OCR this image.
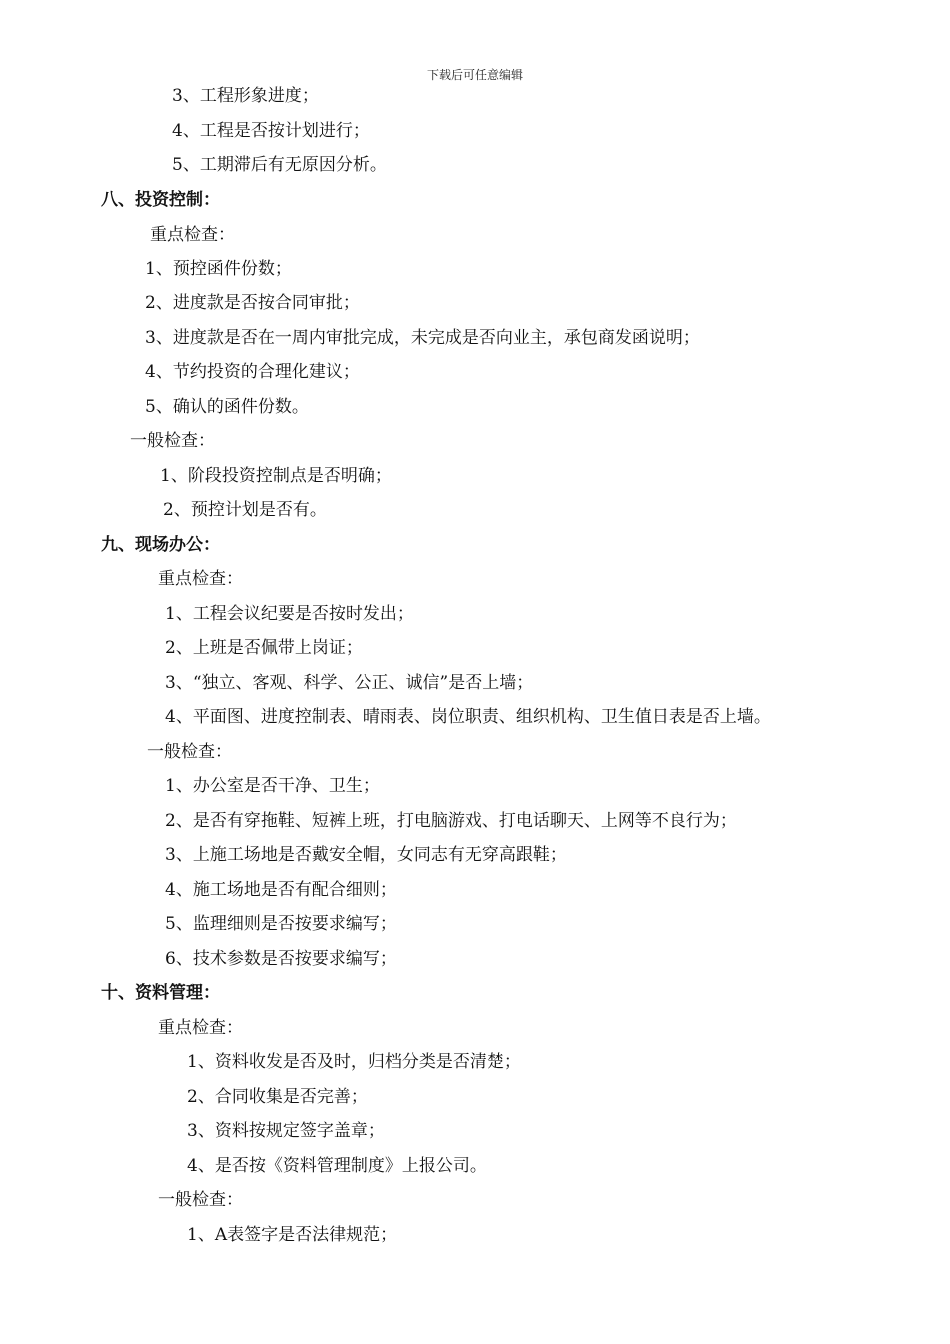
下载后可任意编辑
3、工程形象进度；
4、工程是否按计划进行；
5、工期滞后有无原因分析。
八、投资控制：
重点检查：
1、预控函件份数；
2、进度款是否按合同审批；
3、进度款是否在一周内审批完成，未完成是否向业主，承包商发函说明；
4、节约投资的合理化建议；
5、确认的函件份数。
一般检查：
1、阶段投资控制点是否明确；
2、预控计划是否有。
九、现场办公：
重点检查：
1、工程会议纪要是否按时发出；
2、上班是否佩带上岗证；
3、“独立、客观、科学、公正、诚信”是否上墙；
4、平面图、进度控制表、晴雨表、岗位职责、组织机构、卫生值日表是否上墙。
一般检查：
1、办公室是否干净、卫生；
2、是否有穿拖鞋、短裤上班，打电脑游戏、打电话聊天、上网等不良行为；
3、上施工场地是否戴安全帽，女同志有无穿高跟鞋；
4、施工场地是否有配合细则；
5、监理细则是否按要求编写；
6、技术参数是否按要求编写；
十、资料管理：
重点检查：
1、资料收发是否及时，归档分类是否清楚；
2、合同收集是否完善；
3、资料按规定签字盖章；
4、是否按《资料管理制度》上报公司。
一般检查：
1、A表签字是否法律规范；
